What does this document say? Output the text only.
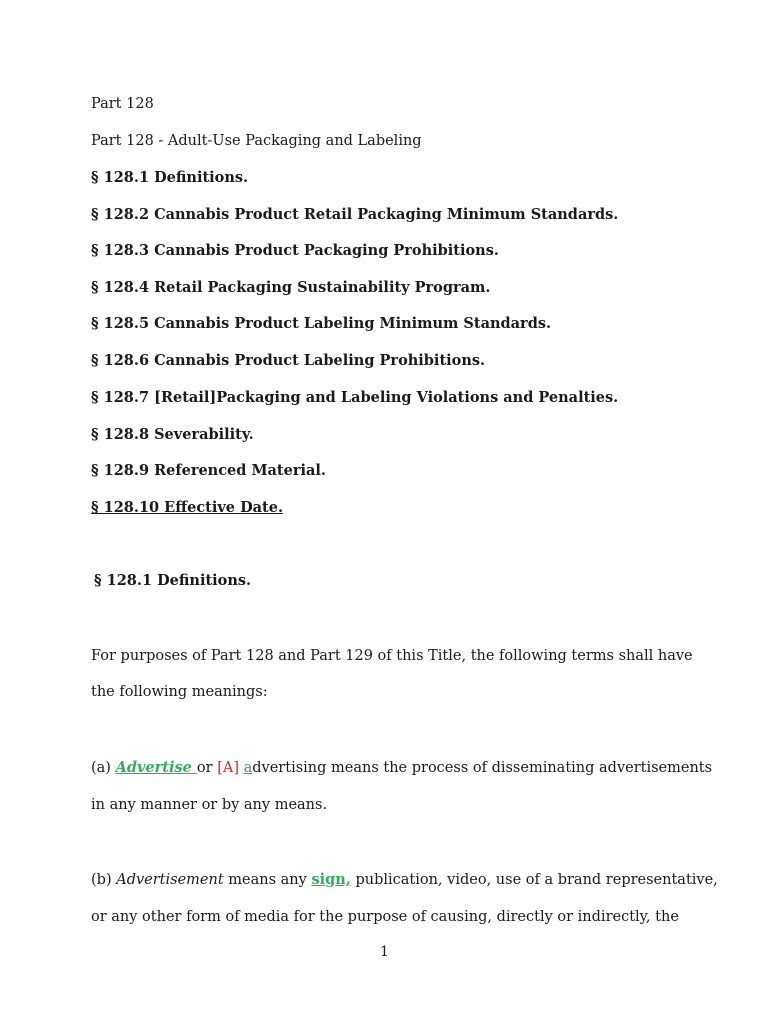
Part 128
Part 128 - Adult-Use Packaging and Labeling
§ 128.1 Definitions.
§ 128.2 Cannabis Product Retail Packaging Minimum Standards.
§ 128.3 Cannabis Product Packaging Prohibitions.
§ 128.4 Retail Packaging Sustainability Program.
§ 128.5 Cannabis Product Labeling Minimum Standards.
§ 128.6 Cannabis Product Labeling Prohibitions.
§ 128.7 [Retail]Packaging and Labeling Violations and Penalties.
§ 128.8 Severability.
§ 128.9 Referenced Material.
§ 128.10 Effective Date.
§ 128.1 Definitions.
For purposes of Part 128 and Part 129 of this Title, the following terms shall have
the following meanings:
(a) Advertise or [A] advertising means the process of disseminating advertisements
in any manner or by any means.
(b) Advertisement means any sign, publication, video, use of a brand representative,
or any other form of media for the purpose of causing, directly or indirectly, the
1
